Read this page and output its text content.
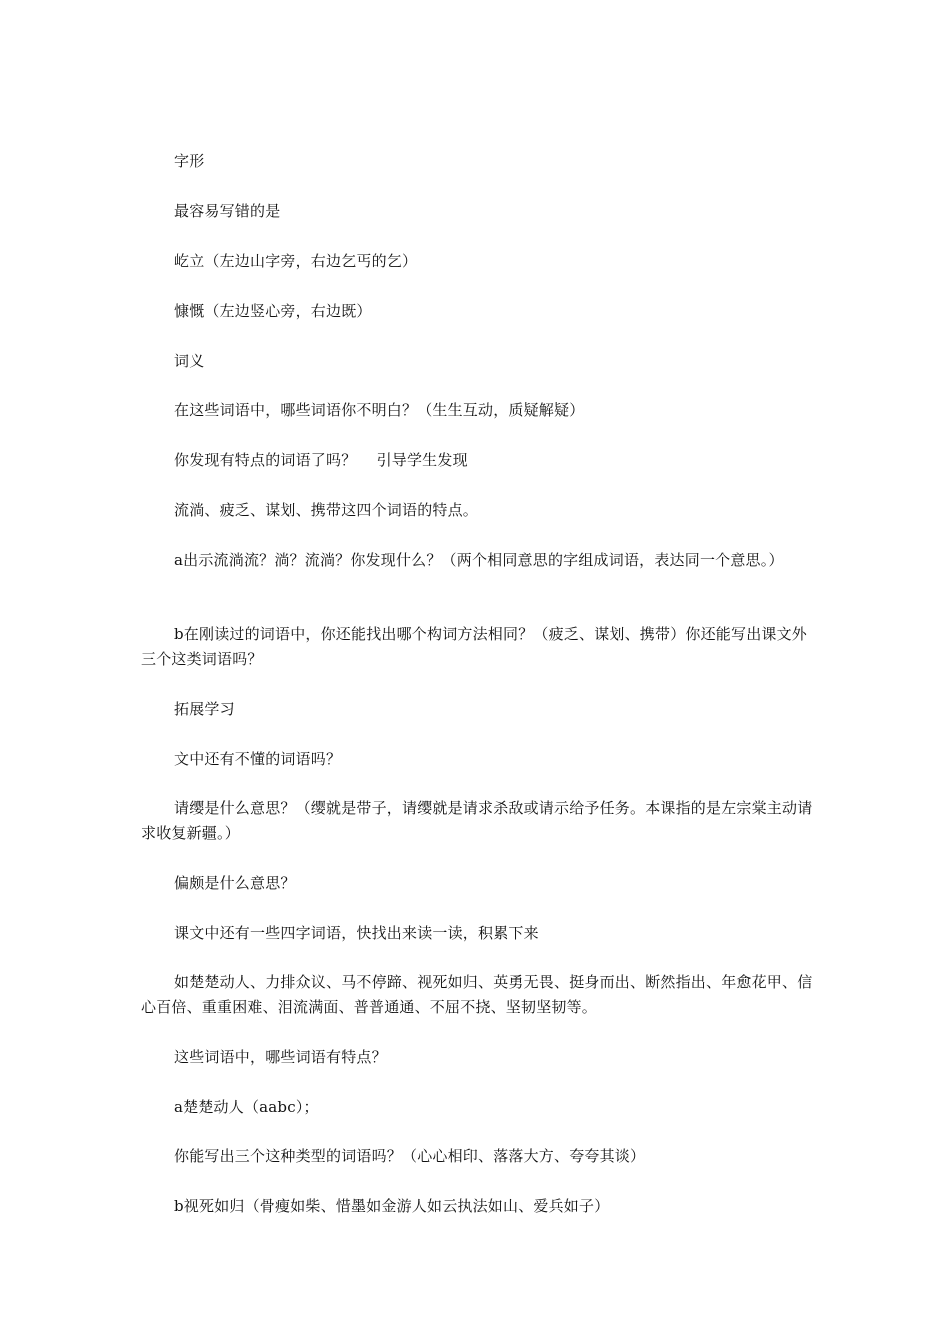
字形

最容易写错的是

屹立（左边山字旁，右边乞丐的乞）

慷慨（左边竖心旁，右边既）

词义

在这些词语中，哪些词语你不明白？（生生互动，质疑解疑）

你发现有特点的词语了吗？　 引导学生发现

流淌、疲乏、谋划、携带这四个词语的特点。

a出示流淌流？淌？流淌？你发现什么？（两个相同意思的字组成词语，表达同一个意思。）

b在刚读过的词语中，你还能找出哪个构词方法相同？（疲乏、谋划、携带）你还能写出课文外三个这类词语吗？

拓展学习

文中还有不懂的词语吗？

请缨是什么意思？（缨就是带子，请缨就是请求杀敌或请示给予任务。本课指的是左宗棠主动请求收复新疆。）

偏颇是什么意思？

课文中还有一些四字词语，快找出来读一读，积累下来

如楚楚动人、力排众议、马不停蹄、视死如归、英勇无畏、挺身而出、断然指出、年愈花甲、信心百倍、重重困难、泪流满面、普普通通、不屈不挠、坚韧坚韧等。

这些词语中，哪些词语有特点？

a楚楚动人（aabc）；

你能写出三个这种类型的词语吗？（心心相印、落落大方、夸夸其谈）

b视死如归（骨瘦如柴、惜墨如金游人如云执法如山、爱兵如子）
